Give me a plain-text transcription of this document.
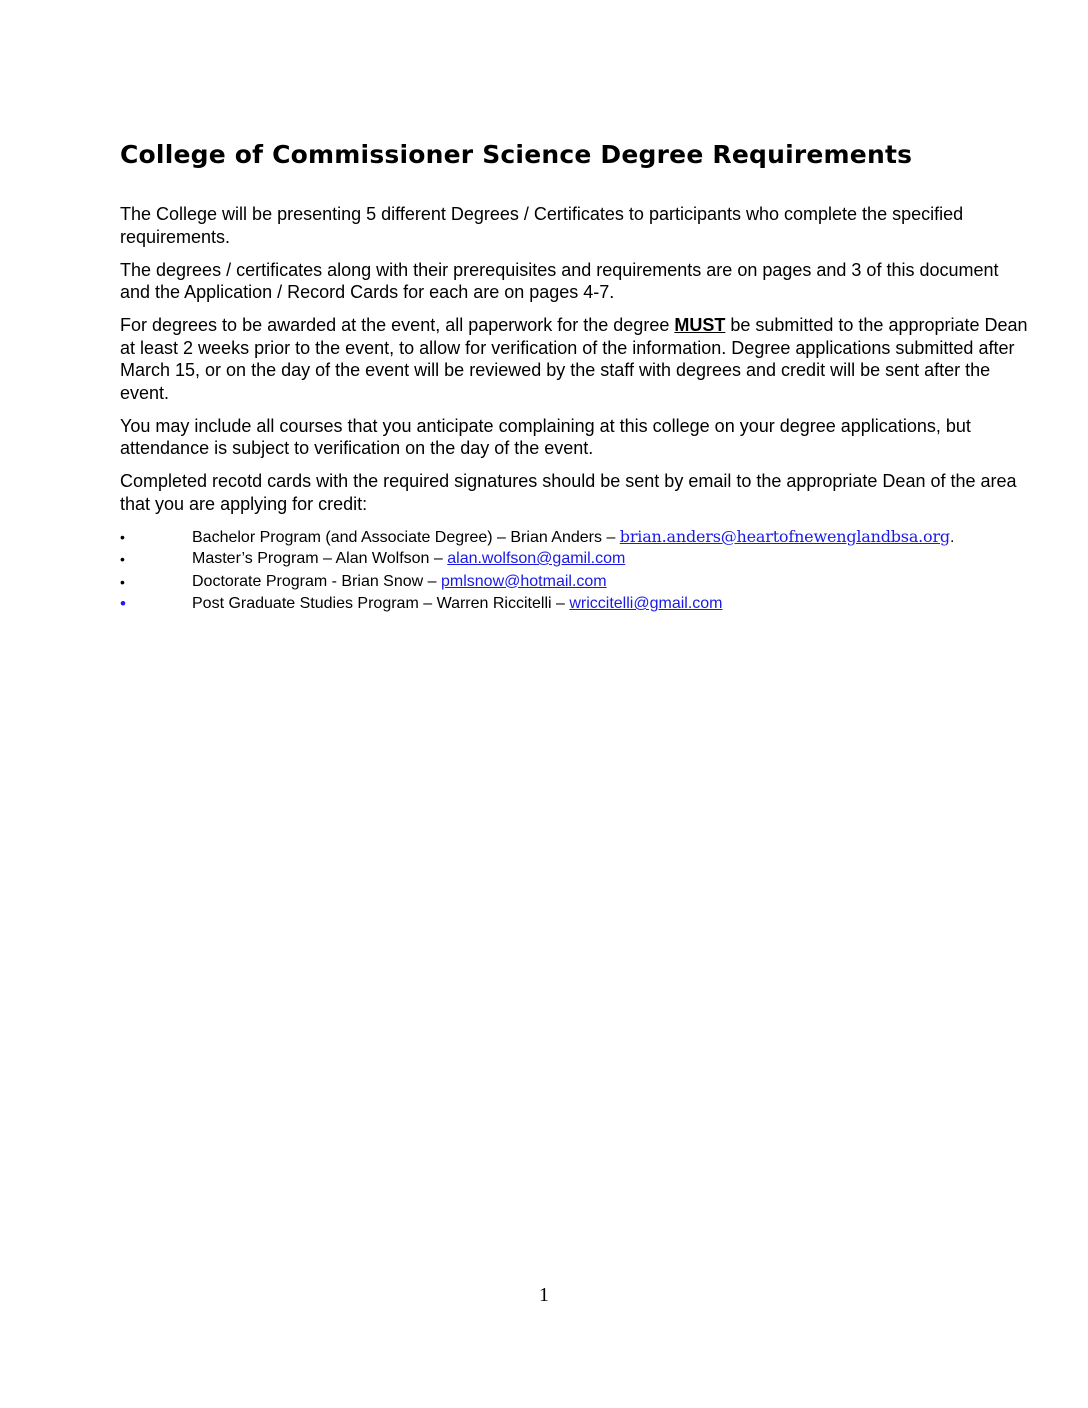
College of Commissioner Science Degree Requirements

The College will be presenting 5 different Degrees / Certificates to participants who complete the specified requirements.

The degrees / certificates along with their prerequisites and requirements are on pages and 3 of this document and the Application / Record Cards for each are on pages 4-7.

For degrees to be awarded at the event, all paperwork for the degree MUST be submitted to the appropriate Dean at least 2 weeks prior to the event, to allow for verification of the information. Degree applications submitted after March 15, or on the day of the event will be reviewed by the staff with degrees and credit will be sent after the event.

You may include all courses that you anticipate complaining at this college on your degree applications, but attendance is subject to verification on the day of the event.

Completed recotd cards with the required signatures should be sent by email to the appropriate Dean of the area that you are applying for credit:

•	Bachelor Program (and Associate Degree) – Brian Anders – brian.anders@heartofnewenglandbsa.org.
•	Master’s Program – Alan Wolfson – alan.wolfson@gamil.com
•	Doctorate Program - Brian Snow – pmlsnow@hotmail.com
•	Post Graduate Studies Program – Warren Riccitelli – wriccitelli@gmail.com
1
